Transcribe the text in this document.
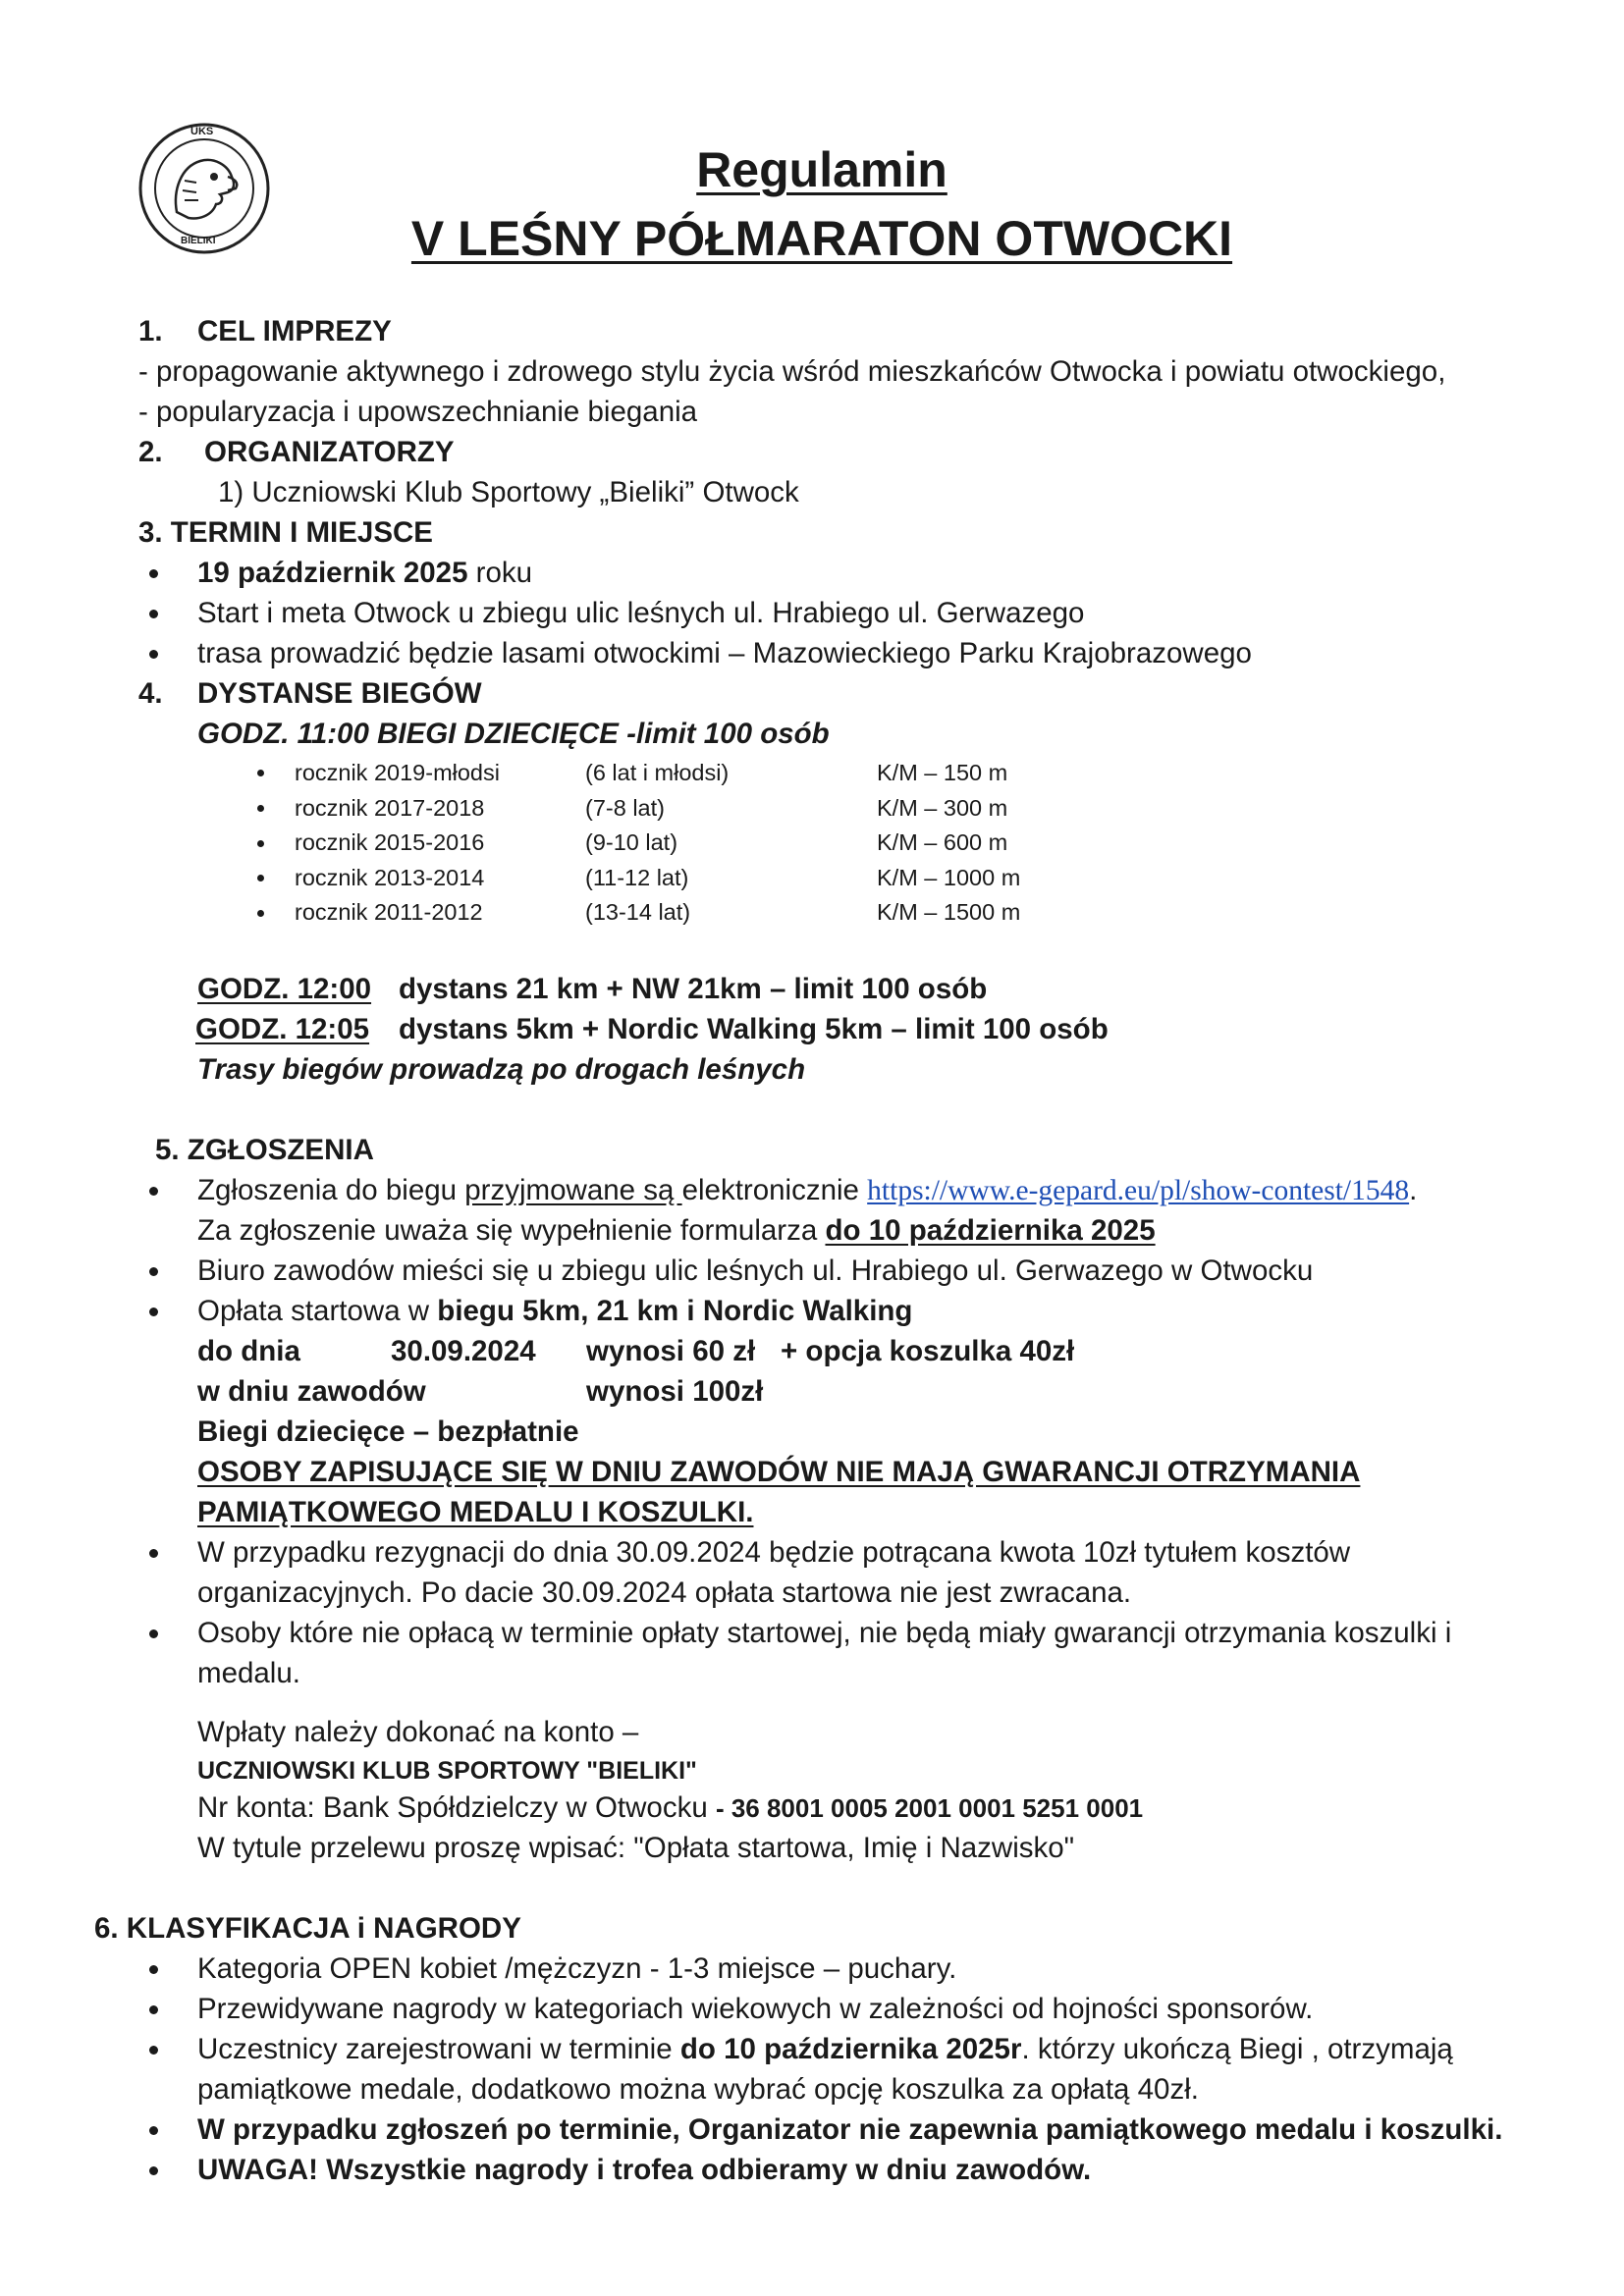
UKS
BIELIKI
Regulamin
V LEŚNY PÓŁMARATON OTWOCKI
1. CEL IMPREZY
- propagowanie aktywnego i zdrowego stylu życia wśród mieszkańców Otwocka i powiatu otwockiego,
- popularyzacja i upowszechnianie biegania
2. ORGANIZATORZY
1) Uczniowski Klub Sportowy „Bieliki” Otwock
3. TERMIN I MIEJSCE
19 październik 2025 roku
Start i meta Otwock u zbiegu ulic leśnych ul. Hrabiego ul. Gerwazego
trasa prowadzić będzie lasami otwockimi – Mazowieckiego Parku Krajobrazowego
4. DYSTANSE BIEGÓW
GODZ. 11:00 BIEGI DZIECIĘCE -limit 100 osób
rocznik 2019-młodsi	(6 lat i młodsi)	K/M – 150 m
rocznik 2017-2018	(7-8 lat)	K/M – 300 m
rocznik 2015-2016	(9-10 lat)	K/M – 600 m
rocznik 2013-2014	(11-12 lat)	K/M – 1000 m
rocznik 2011-2012	(13-14 lat)	K/M – 1500 m
GODZ. 12:00 dystans 21 km + NW 21km – limit 100 osób
GODZ. 12:05 dystans 5km + Nordic Walking 5km – limit 100 osób
Trasy biegów prowadzą po drogach leśnych
5. ZGŁOSZENIA
Zgłoszenia do biegu przyjmowane są elektronicznie https://www.e-gepard.eu/pl/show-contest/1548.
Za zgłoszenie uważa się wypełnienie formularza do 10 października 2025
Biuro zawodów mieści się u zbiegu ulic leśnych ul. Hrabiego ul. Gerwazego w Otwocku
Opłata startowa w biegu 5km, 21 km i Nordic Walking
do dnia	30.09.2024 wynosi 60 zł + opcja koszulka 40zł
w dniu zawodów	wynosi 100zł
Biegi dziecięce – bezpłatnie
OSOBY ZAPISUJĄCE SIĘ W DNIU ZAWODÓW NIE MAJĄ GWARANCJI OTRZYMANIA
PAMIĄTKOWEGO MEDALU I KOSZULKI.
W przypadku rezygnacji do dnia 30.09.2024 będzie potrącana kwota 10zł tytułem kosztów
organizacyjnych. Po dacie 30.09.2024 opłata startowa nie jest zwracana.
Osoby które nie opłacą w terminie opłaty startowej, nie będą miały gwarancji otrzymania koszulki i
medalu.
Wpłaty należy dokonać na konto –
UCZNIOWSKI KLUB SPORTOWY "BIELIKI"
Nr konta: Bank Spółdzielczy w Otwocku - 36 8001 0005 2001 0001 5251 0001
W tytule przelewu proszę wpisać: "Opłata startowa, Imię i Nazwisko"
6. KLASYFIKACJA i NAGRODY
Kategoria OPEN kobiet /mężczyzn - 1-3 miejsce – puchary.
Przewidywane nagrody w kategoriach wiekowych w zależności od hojności sponsorów.
Uczestnicy zarejestrowani w terminie do 10 października 2025r. którzy ukończą Biegi , otrzymają
pamiątkowe medale, dodatkowo można wybrać opcję koszulka za opłatą 40zł.
W przypadku zgłoszeń po terminie, Organizator nie zapewnia pamiątkowego medalu i koszulki.
UWAGA! Wszystkie nagrody i trofea odbieramy w dniu zawodów.
